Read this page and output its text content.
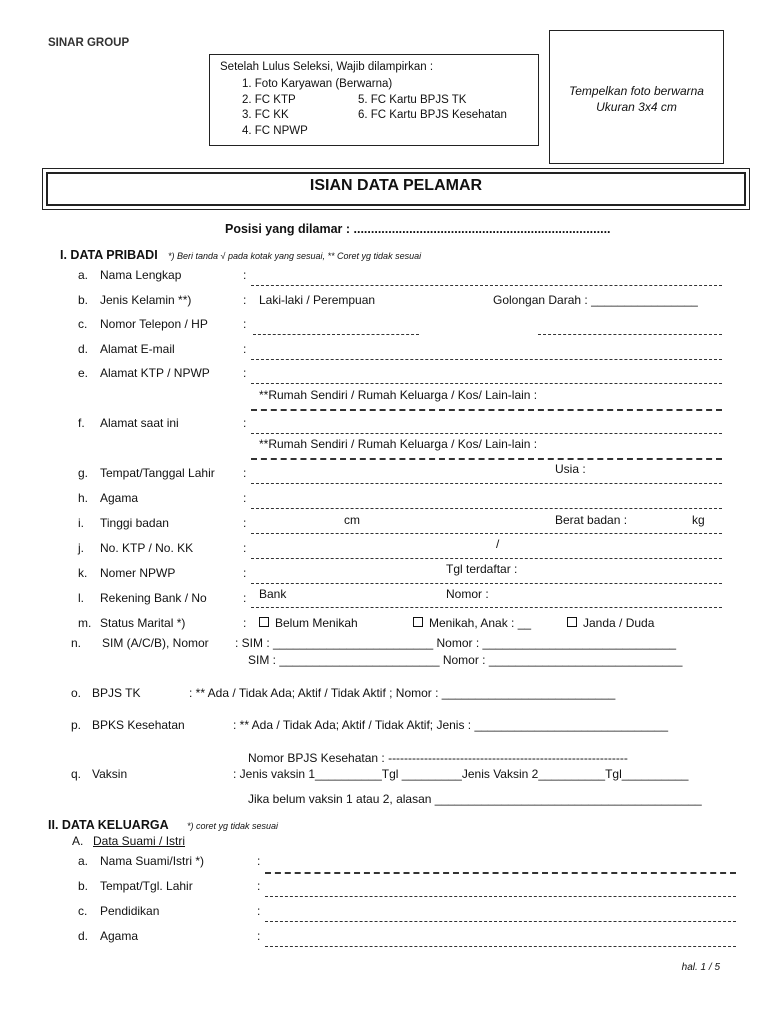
SINAR GROUP
Setelah Lulus Seleksi, Wajib dilampirkan :
1. Foto Karyawan (Berwarna)
2. FC KTP
3. FC KK
4. FC NPWP
5. FC Kartu BPJS TK
6. FC Kartu BPJS Kesehatan
Tempelkan foto berwarna
Ukuran 3x4 cm
ISIAN DATA PELAMAR
Posisi yang dilamar : ..........................................................................
I. DATA PRIBADI *) Beri tanda √ pada kotak yang sesuai, ** Coret yg tidak sesuai
a. Nama Lengkap	:
b. Jenis Kelamin **)	: Laki-laki / Perempuan	Golongan Darah : ________________
c. Nomor Telepon / HP	:
d. Alamat E-mail	:
e. Alamat KTP / NPWP	:
**Rumah Sendiri / Rumah Keluarga / Kos/ Lain-lain :
f. Alamat saat ini	:
**Rumah Sendiri / Rumah Keluarga / Kos/ Lain-lain :
g. Tempat/Tanggal Lahir :	Usia :
h. Agama	:
i. Tinggi badan	:	cm	Berat badan :	kg
j. No. KTP / No. KK	:	/
k. Nomer NPWP	:	Tgl terdaftar :
l. Rekening Bank / No	: Bank	Nomor :
m. Status Marital *)	:	Belum Menikah	Menikah, Anak : __	Janda / Duda
n. SIM (A/C/B), Nomor : SIM : ________________________ Nomor : _____________________________
SIM : ________________________ Nomor : _____________________________
o. BPJS TK	: ** Ada / Tidak Ada; Aktif / Tidak Aktif ; Nomor : __________________________
p. BPKS Kesehatan	: ** Ada / Tidak Ada; Aktif / Tidak Aktif; Jenis : _____________________________
Nomor BPJS Kesehatan : ------------------------------------------------------------
q. Vaksin	: Jenis vaksin 1__________Tgl _________Jenis Vaksin 2__________Tgl__________
Jika belum vaksin 1 atau 2, alasan ________________________________________
II. DATA KELUARGA *) coret yg tidak sesuai
A. Data Suami / Istri
a. Nama Suami/Istri *)	:
b. Tempat/Tgl. Lahir	:
c. Pendidikan	:
d. Agama	:
hal. 1 / 5
